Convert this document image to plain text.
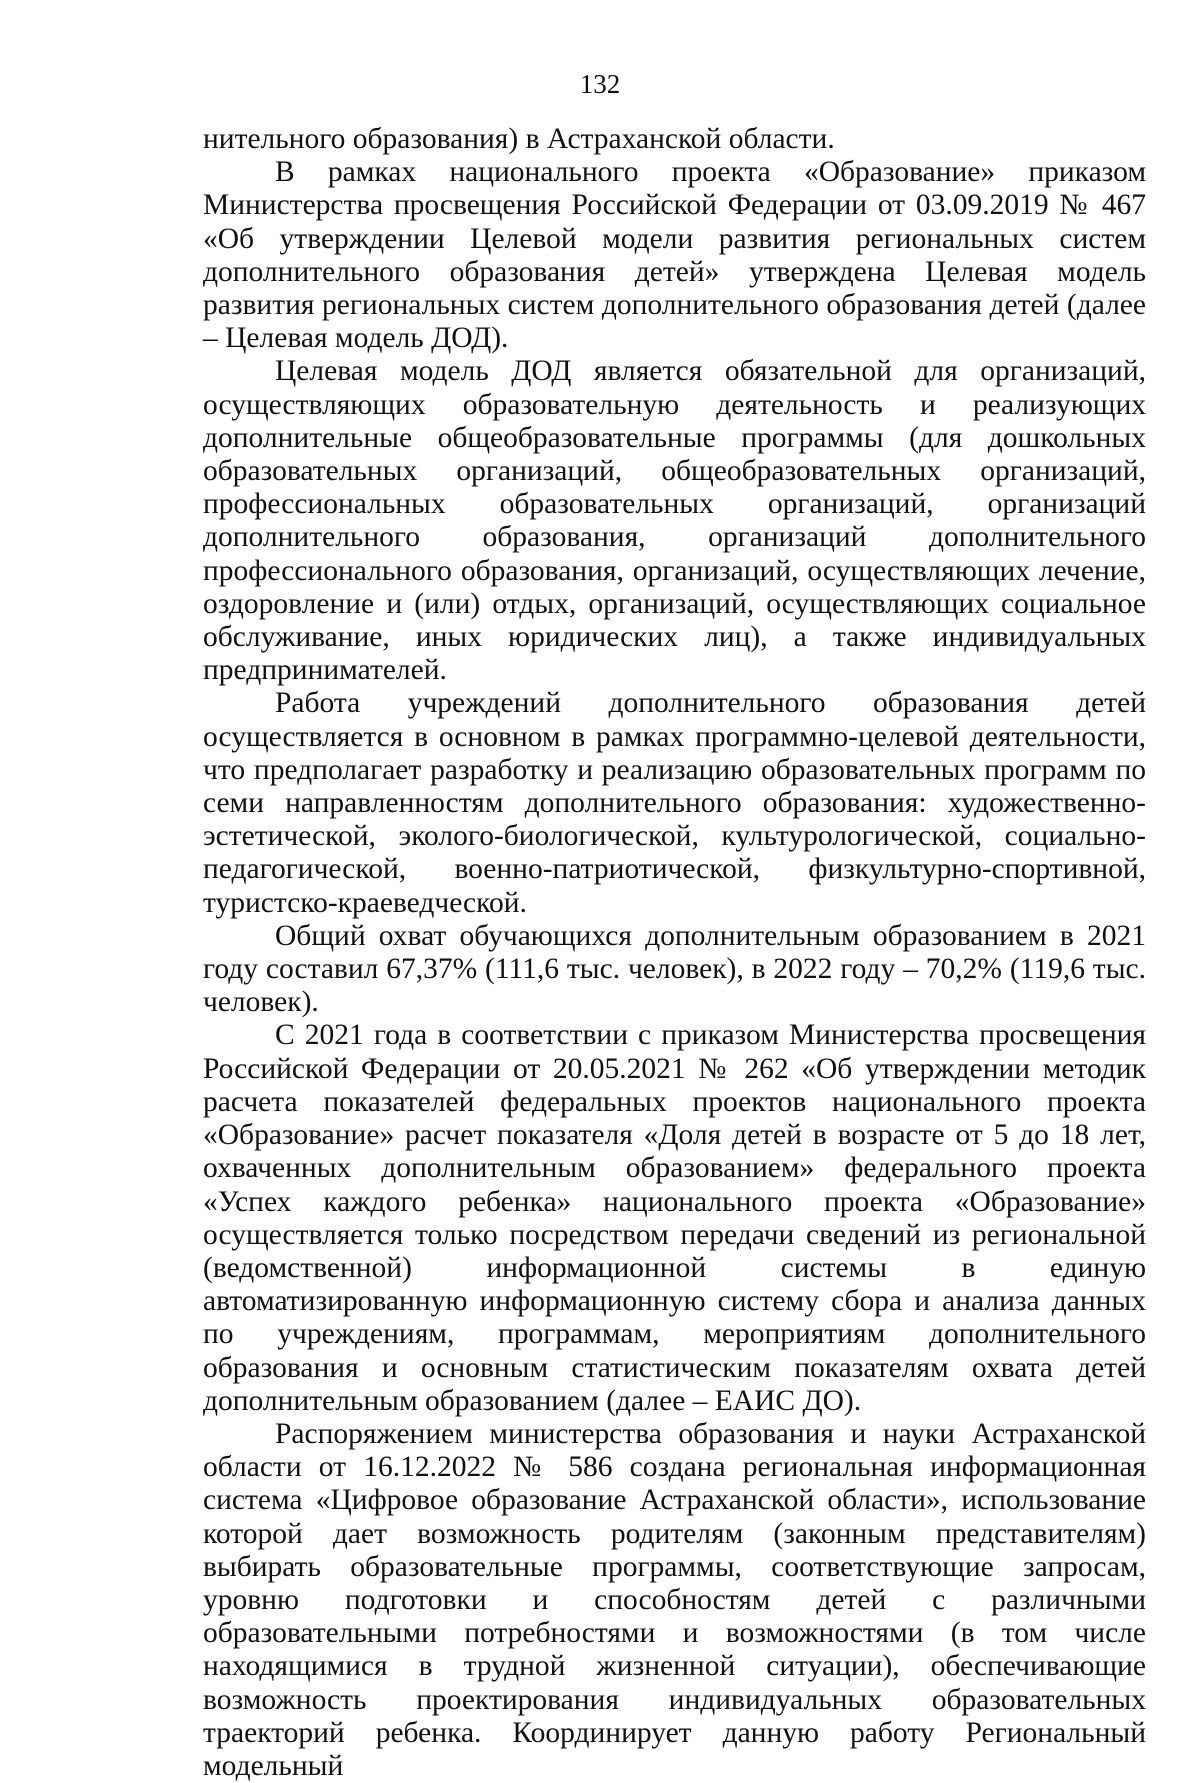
132

нительного образования) в Астраханской области.

В рамках национального проекта «Образование» приказом Министерства просвещения Российской Федерации от 03.09.2019 № 467 «Об утверждении Целевой модели развития региональных систем дополнительного образования детей» утверждена Целевая модель развития региональных систем дополнительного образования детей (далее – Целевая модель ДОД).

Целевая модель ДОД является обязательной для организаций, осуществляющих образовательную деятельность и реализующих дополнительные общеобразовательные программы (для дошкольных образовательных организаций, общеобразовательных организаций, профессиональных образовательных организаций, организаций дополнительного образования, организаций дополнительного профессионального образования, организаций, осуществляющих лечение, оздоровление и (или) отдых, организаций, осуществляющих социальное обслуживание, иных юридических лиц), а также индивидуальных предпринимателей.

Работа учреждений дополнительного образования детей осуществляется в основном в рамках программно-целевой деятельности, что предполагает разработку и реализацию образовательных программ по семи направленностям дополнительного образования: художественно-эстетической, эколого-биологической, культурологической, социально-педагогической, военно-патриотической, физкультурно-спортивной, туристско-краеведческой.

Общий охват обучающихся дополнительным образованием в 2021 году составил 67,37% (111,6 тыс. человек), в 2022 году – 70,2% (119,6 тыс. человек).

С 2021 года в соответствии с приказом Министерства просвещения Российской Федерации от 20.05.2021 № 262 «Об утверждении методик расчета показателей федеральных проектов национального проекта «Образование» расчет показателя «Доля детей в возрасте от 5 до 18 лет, охваченных дополнительным образованием» федерального проекта «Успех каждого ребенка» национального проекта «Образование» осуществляется только посредством передачи сведений из региональной (ведомственной) информационной системы в единую автоматизированную информационную систему сбора и анализа данных по учреждениям, программам, мероприятиям дополнительного образования и основным статистическим показателям охвата детей дополнительным образованием (далее – ЕАИС ДО).

Распоряжением министерства образования и науки Астраханской области от 16.12.2022 № 586 создана региональная информационная система «Цифровое образование Астраханской области», использование которой дает возможность родителям (законным представителям) выбирать образовательные программы, соответствующие запросам, уровню подготовки и способностям детей с различными образовательными потребностями и возможностями (в том числе находящимися в трудной жизненной ситуации), обеспечивающие возможность проектирования индивидуальных образовательных траекторий ребенка. Координирует данную работу Региональный модельный
